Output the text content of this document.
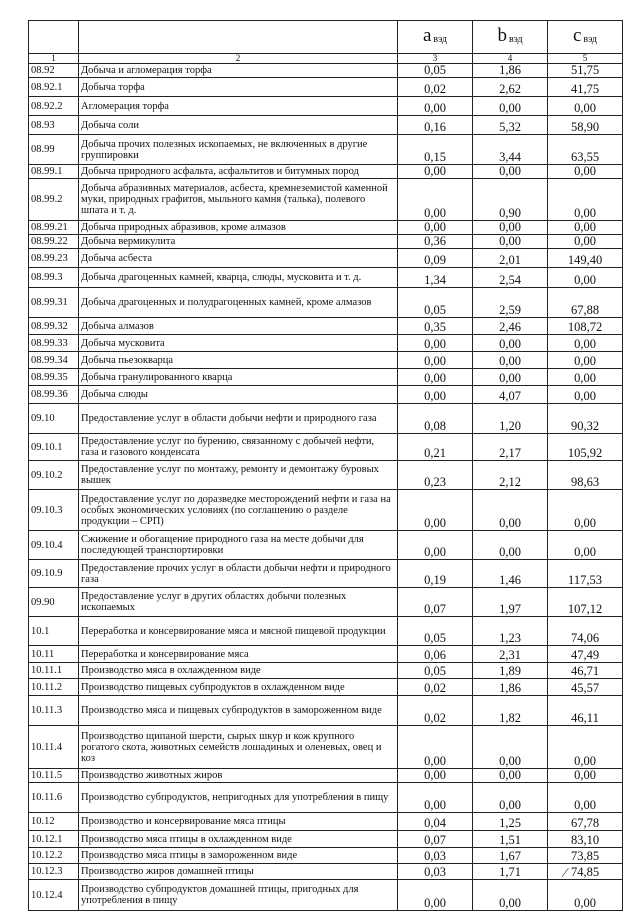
		a $_{вэд}$	b $_{вэд}$	c $_{вэд}$
1	2	3	4	5
08.92	Добыча и агломерация торфа	0,05	1,86	51,75
08.92.1	Добыча торфа	0,02	2,62	41,75
08.92.2	Агломерация торфа	0,00	0,00	0,00
08.93	Добыча соли	0,16	5,32	58,90
08.99	Добыча прочих полезных ископаемых, не включенных в другие группировки	0,15	3,44	63,55
08.99.1	Добыча природного асфальта, асфальтитов и битумных пород	0,00	0,00	0,00
08.99.2	Добыча абразивных материалов, асбеста, кремнеземистой каменной муки, природных графитов, мыльного камня (талька), полевого шпата и т. д.	0,00	0,90	0,00
08.99.21	Добыча природных абразивов, кроме алмазов	0,00	0,00	0,00
08.99.22	Добыча вермикулита	0,36	0,00	0,00
08.99.23	Добыча асбеста	0,09	2,01	149,40
08.99.3	Добыча драгоценных камней, кварца, слюды, мусковита и т. д.	1,34	2,54	0,00
08.99.31	Добыча драгоценных и полудрагоценных камней, кроме алмазов	0,05	2,59	67,88
08.99.32	Добыча алмазов	0,35	2,46	108,72
08.99.33	Добыча мусковита	0,00	0,00	0,00
08.99.34	Добыча пьезокварца	0,00	0,00	0,00
08.99.35	Добыча гранулированного кварца	0,00	0,00	0,00
08.99.36	Добыча слюды	0,00	4,07	0,00
09.10	Предоставление услуг в области добычи нефти и природного газа	0,08	1,20	90,32
09.10.1	Предоставление услуг по бурению, связанному с добычей нефти, газа и газового конденсата	0,21	2,17	105,92
09.10.2	Предоставление услуг по монтажу, ремонту и демонтажу буровых вышек	0,23	2,12	98,63
09.10.3	Предоставление услуг по доразведке месторождений нефти и газа на особых экономических условиях (по соглашению о разделе продукции – СРП)	0,00	0,00	0,00
09.10.4	Сжижение и обогащение природного газа на месте добычи для последующей транспортировки	0,00	0,00	0,00
09.10.9	Предоставление прочих услуг в области добычи нефти и природного газа	0,19	1,46	117,53
09.90	Предоставление услуг в других областях добычи полезных ископаемых	0,07	1,97	107,12
10.1	Переработка и консервирование мяса и мясной пищевой продукции	0,05	1,23	74,06
10.11	Переработка и консервирование мяса	0,06	2,31	47,49
10.11.1	Производство мяса в охлажденном виде	0,05	1,89	46,71
10.11.2	Производство пищевых субпродуктов в охлажденном виде	0,02	1,86	45,57
10.11.3	Производство мяса и пищевых субпродуктов в замороженном виде	0,02	1,82	46,11
10.11.4	Производство щипаной шерсти, сырых шкур и кож крупного рогатого скота, животных семейств лошадиных и оленевых, овец и коз	0,00	0,00	0,00
10.11.5	Производство животных жиров	0,00	0,00	0,00
10.11.6	Производство субпродуктов, непригодных для употребления в пищу	0,00	0,00	0,00
10.12	Производство и консервирование мяса птицы	0,04	1,25	67,78
10.12.1	Производство мяса птицы в охлажденном виде	0,07	1,51	83,10
10.12.2	Производство мяса птицы в замороженном виде	0,03	1,67	73,85
10.12.3	Производство жиров домашней птицы	0,03	1,71	74,85
10.12.4	Производство субпродуктов домашней птицы, пригодных для употребления в пищу	0,00	0,00	0,00
⁄
